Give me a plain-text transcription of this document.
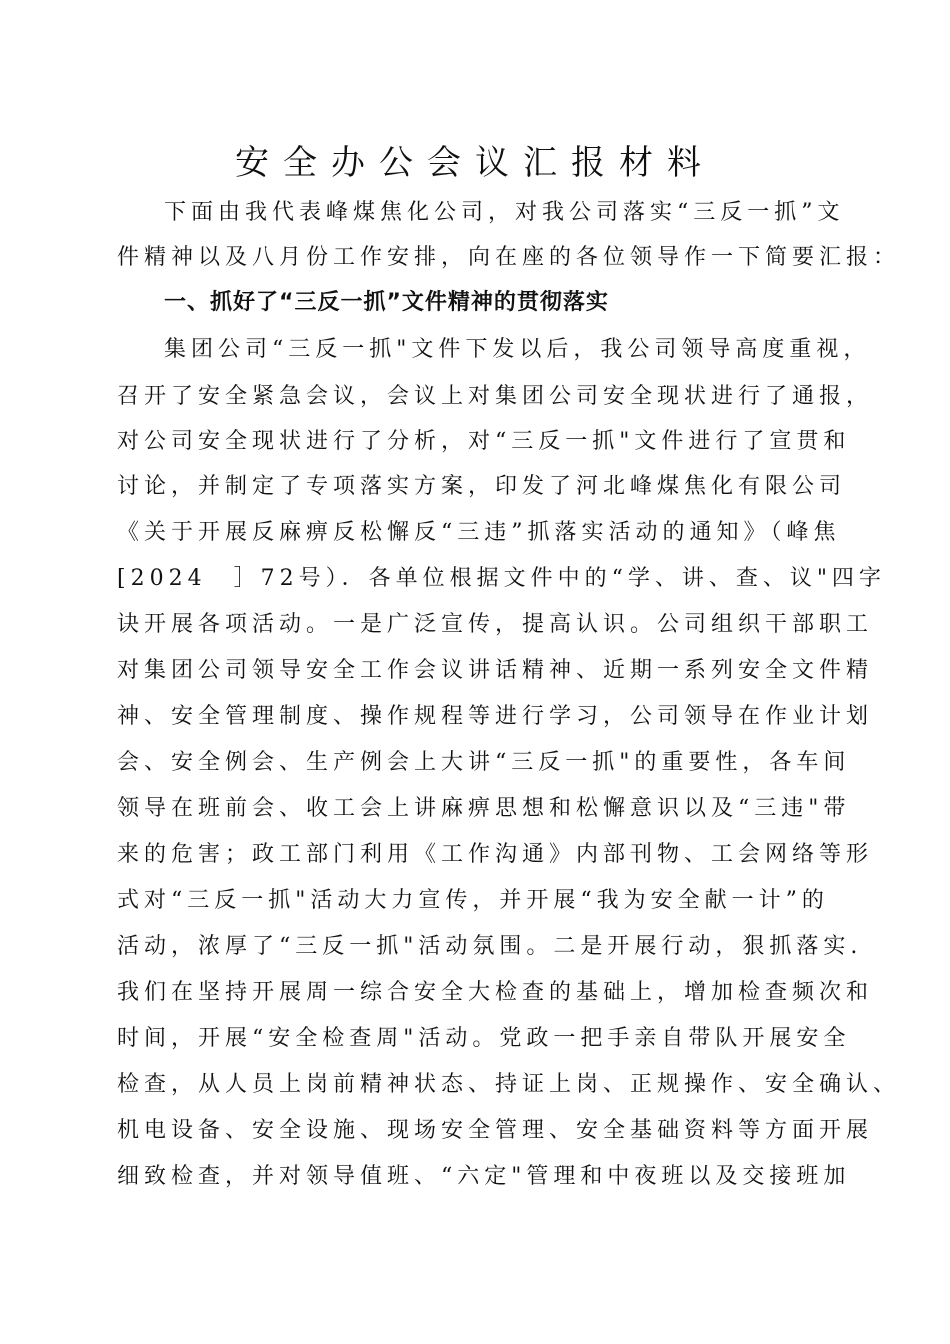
安全办公会议汇报材料
下面由我代表峰煤焦化公司，对我公司落实“三反一抓”文
件精神以及八月份工作安排，向在座的各位领导作一下简要汇报：
一、抓好了“三反一抓”文件精神的贯彻落实
集团公司“三反一抓"文件下发以后，我公司领导高度重视，
召开了安全紧急会议，会议上对集团公司安全现状进行了通报，
对公司安全现状进行了分析，对“三反一抓"文件进行了宣贯和
讨论，并制定了专项落实方案，印发了河北峰煤焦化有限公司
《关于开展反麻痹反松懈反“三违”抓落实活动的通知》（峰焦
[2024　］72号）．各单位根据文件中的“学、讲、查、议"四字
诀开展各项活动。一是广泛宣传，提高认识。公司组织干部职工
对集团公司领导安全工作会议讲话精神、近期一系列安全文件精
神、安全管理制度、操作规程等进行学习，公司领导在作业计划
会、安全例会、生产例会上大讲“三反一抓"的重要性，各车间
领导在班前会、收工会上讲麻痹思想和松懈意识以及“三违"带
来的危害；政工部门利用《工作沟通》内部刊物、工会网络等形
式对“三反一抓"活动大力宣传，并开展“我为安全献一计”的
活动，浓厚了“三反一抓"活动氛围。二是开展行动，狠抓落实.
我们在坚持开展周一综合安全大检查的基础上，增加检查频次和
时间，开展“安全检查周"活动。党政一把手亲自带队开展安全
检查，从人员上岗前精神状态、持证上岗、正规操作、安全确认、
机电设备、安全设施、现场安全管理、安全基础资料等方面开展
细致检查，并对领导值班、“六定"管理和中夜班以及交接班加
